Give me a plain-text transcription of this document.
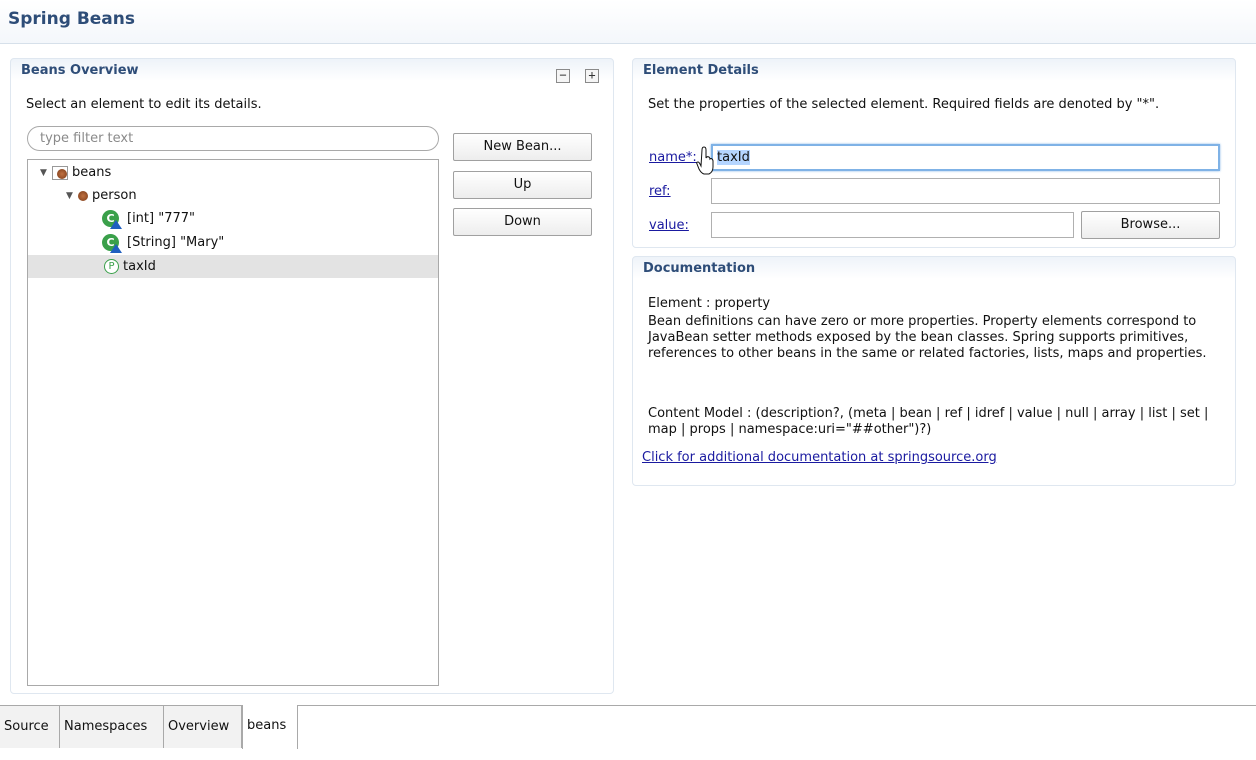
Spring Beans
Beans Overview	− +
Select an element to edit its details.
type filter text
▼	beans
▼	person
C [int] "777"
C [String] "Mary"
P taxId
New Bean...
Up
Down
Element Details
Set the properties of the selected element. Required fields are denoted by "*".
name*:	taxId
ref:
value:	Browse...
Documentation
Element : property
Bean definitions can have zero or more properties. Property elements correspond to JavaBean setter methods exposed by the bean classes. Spring supports primitives, references to other beans in the same or related factories, lists, maps and properties.
Content Model : (description?, (meta | bean | ref | idref | value | null | array | list | set | map | props | namespace:uri="##other")?)
Click for additional documentation at springsource.org
Source	Namespaces	Overview	beans
